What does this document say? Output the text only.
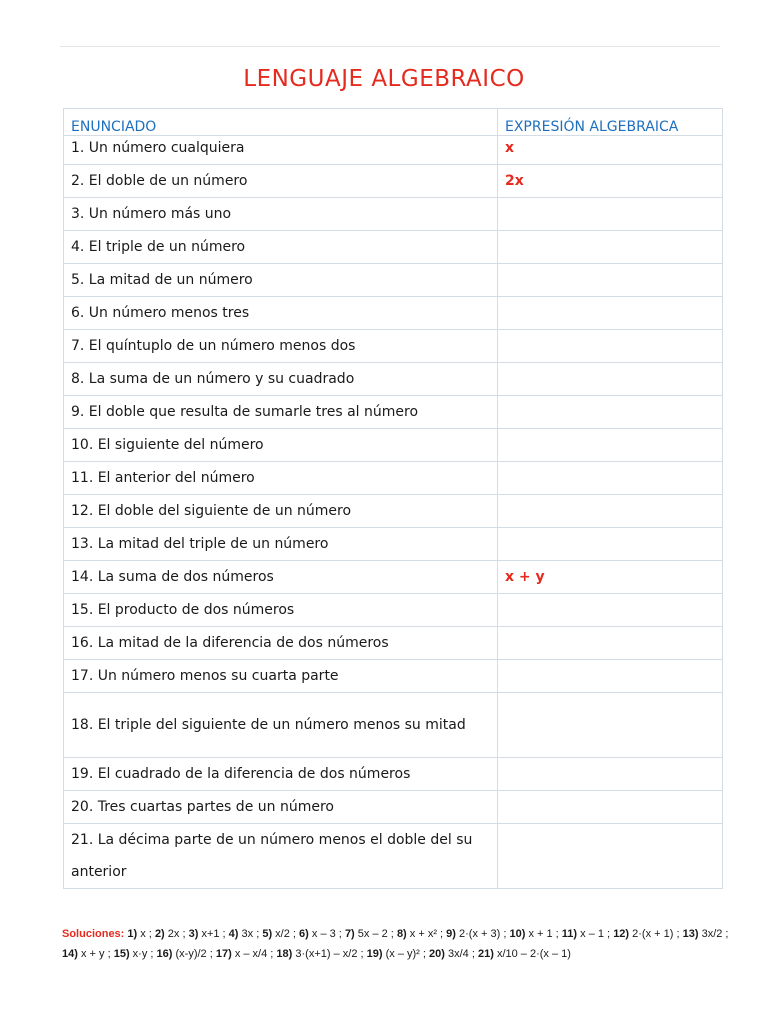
LENGUAJE ALGEBRAICO
ENUNCIADO	EXPRESIÓN ALGEBRAICA
1. Un número cualquiera	x
2. El doble de un número	2x
3. Un número más uno	
4. El triple de un número	
5. La mitad de un número	
6. Un número menos tres	
7. El quíntuplo de un número menos dos	
8. La suma de un número y su cuadrado	
9. El doble que resulta de sumarle tres al número	
10. El siguiente del número	
11. El anterior del número	
12. El doble del siguiente de un número	
13. La mitad del triple de un número	
14. La suma de dos números	x + y
15. El producto de dos números	
16. La mitad de la diferencia de dos números	
17. Un número menos su cuarta parte	
18. El triple del siguiente de un número menos su mitad	
19. El cuadrado de la diferencia de dos números	
20. Tres cuartas partes de un número	
21. La décima parte de un número menos el doble del su anterior	
Soluciones: 1) x ; 2) 2x ; 3) x+1 ; 4) 3x ; 5) x/2 ; 6) x – 3 ; 7) 5x – 2 ; 8) x + x² ; 9) 2·(x + 3) ; 10) x + 1 ; 11) x – 1 ; 12) 2·(x + 1) ; 13) 3x/2 ; 14) x + y ; 15) x·y ; 16) (x-y)/2 ; 17) x – x/4 ; 18) 3·(x+1) – x/2 ; 19) (x – y)² ; 20) 3x/4 ; 21) x/10 – 2·(x – 1)
